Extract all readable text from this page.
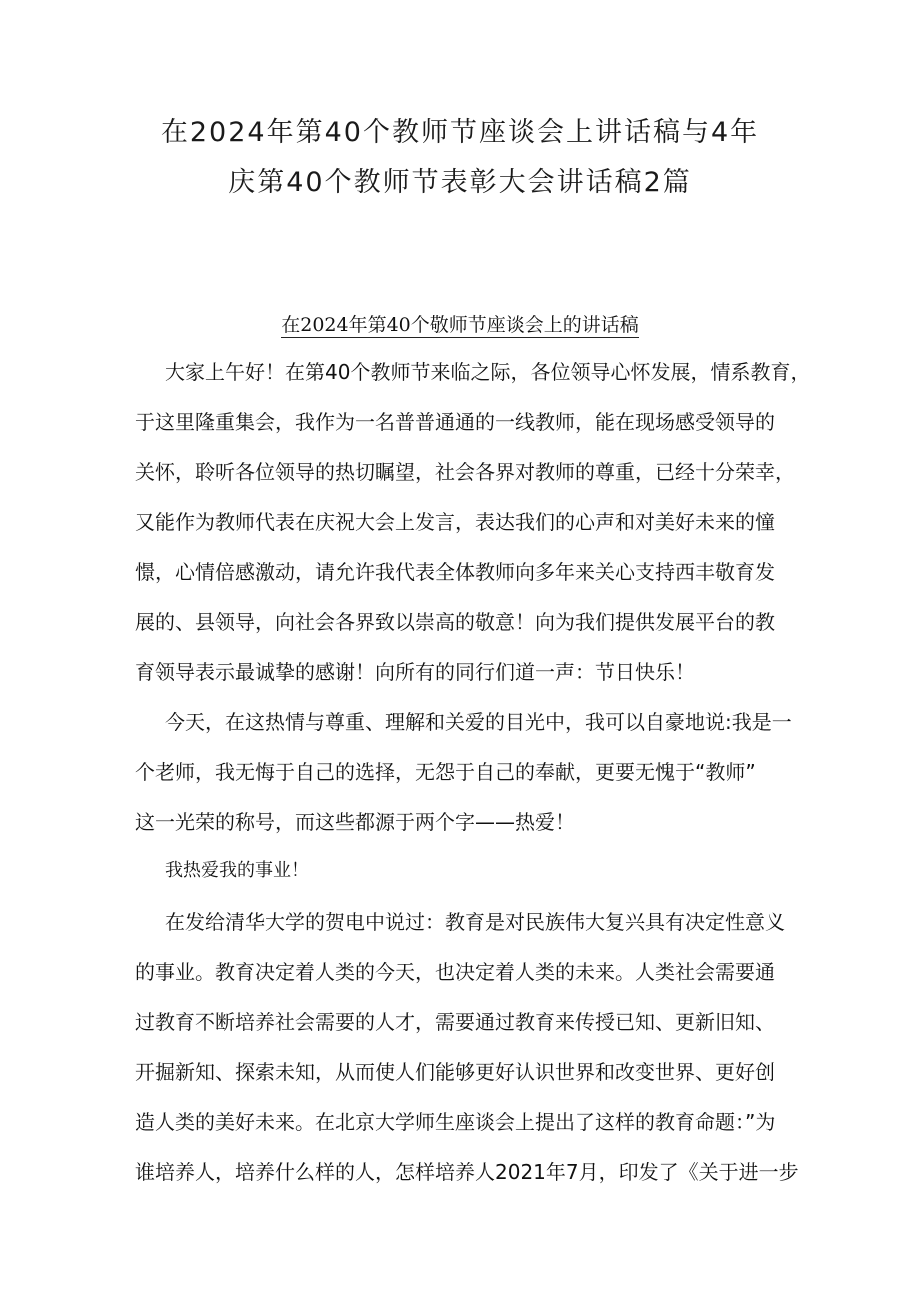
在2024年第40个教师节座谈会上讲话稿与4年
庆第40个教师节表彰大会讲话稿2篇
在2024年第40个敬师节座谈会上的讲话稿
大家上午好！在第40个教师节来临之际，各位领导心怀发展，情系教育，
于这里隆重集会，我作为一名普普通通的一线教师，能在现场感受领导的
关怀，聆听各位领导的热切瞩望，社会各界对教师的尊重，已经十分荣幸，
又能作为教师代表在庆祝大会上发言，表达我们的心声和对美好未来的憧
憬，心情倍感激动，请允许我代表全体教师向多年来关心支持西丰敬育发
展的、县领导，向社会各界致以崇高的敬意！向为我们提供发展平台的教
育领导表示最诚挚的感谢！向所有的同行们道一声：节日快乐！
今天，在这热情与尊重、理解和关爱的目光中，我可以自豪地说:我是一
个老师，我无悔于自己的选择，无怨于自己的奉献，更要无愧于“教师”
这一光荣的称号，而这些都源于两个字——热爱！
我热爱我的事业！
在发给清华大学的贺电中说过：教育是对民族伟大复兴具有决定性意义
的事业。教育决定着人类的今天，也决定着人类的未来。人类社会需要通
过教育不断培养社会需要的人才，需要通过教育来传授已知、更新旧知、
开掘新知、探索未知，从而使人们能够更好认识世界和改变世界、更好创
造人类的美好未来。在北京大学师生座谈会上提出了这样的教育命题：”为
谁培养人，培养什么样的人，怎样培养人2021年7月，印发了《关于进一步
